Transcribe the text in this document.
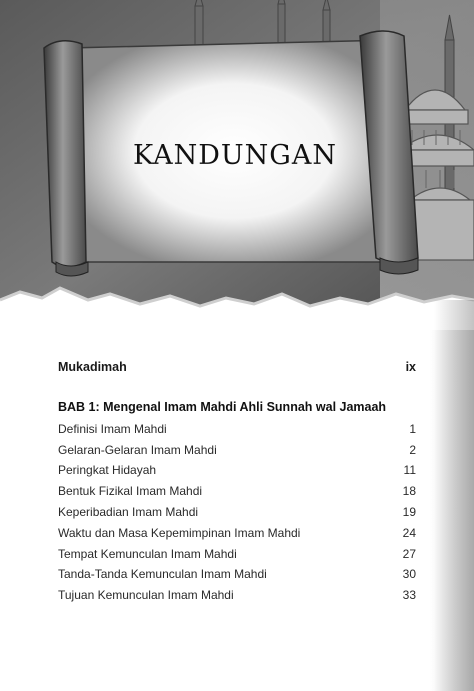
KANDUNGAN
Mukadimah	ix
BAB 1: Mengenal Imam Mahdi Ahli Sunnah wal Jamaah
Definisi Imam Mahdi	1
Gelaran-Gelaran Imam Mahdi	2
Peringkat Hidayah	11
Bentuk Fizikal Imam Mahdi	18
Keperibadian Imam Mahdi	19
Waktu dan Masa Kepemimpinan Imam Mahdi	24
Tempat Kemunculan Imam Mahdi	27
Tanda-Tanda Kemunculan Imam Mahdi	30
Tujuan Kemunculan Imam Mahdi	33
